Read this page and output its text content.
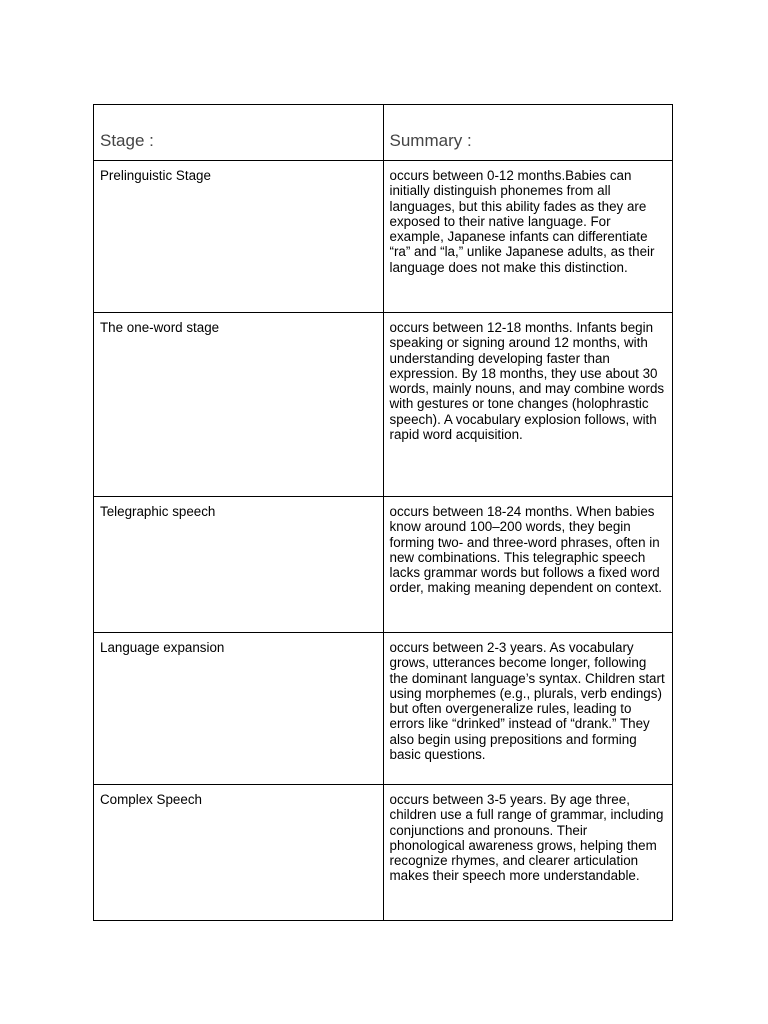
Stage :	Summary :

Prelinguistic Stage	occurs between 0-12 months.Babies can initially distinguish phonemes from all languages, but this ability fades as they are exposed to their native language. For example, Japanese infants can differentiate “ra” and “la,” unlike Japanese adults, as their language does not make this distinction.

The one-word stage	occurs between 12-18 months. Infants begin speaking or signing around 12 months, with understanding developing faster than expression. By 18 months, they use about 30 words, mainly nouns, and may combine words with gestures or tone changes (holophrastic speech). A vocabulary explosion follows, with rapid word acquisition.

Telegraphic speech	occurs between 18-24 months. When babies know around 100–200 words, they begin forming two- and three-word phrases, often in new combinations. This telegraphic speech lacks grammar words but follows a fixed word order, making meaning dependent on context.

Language expansion	occurs between 2-3 years. As vocabulary grows, utterances become longer, following the dominant language’s syntax. Children start using morphemes (e.g., plurals, verb endings) but often overgeneralize rules, leading to errors like “drinked” instead of “drank.” They also begin using prepositions and forming basic questions.

Complex Speech	occurs between 3-5 years. By age three, children use a full range of grammar, including conjunctions and pronouns. Their phonological awareness grows, helping them recognize rhymes, and clearer articulation makes their speech more understandable.
